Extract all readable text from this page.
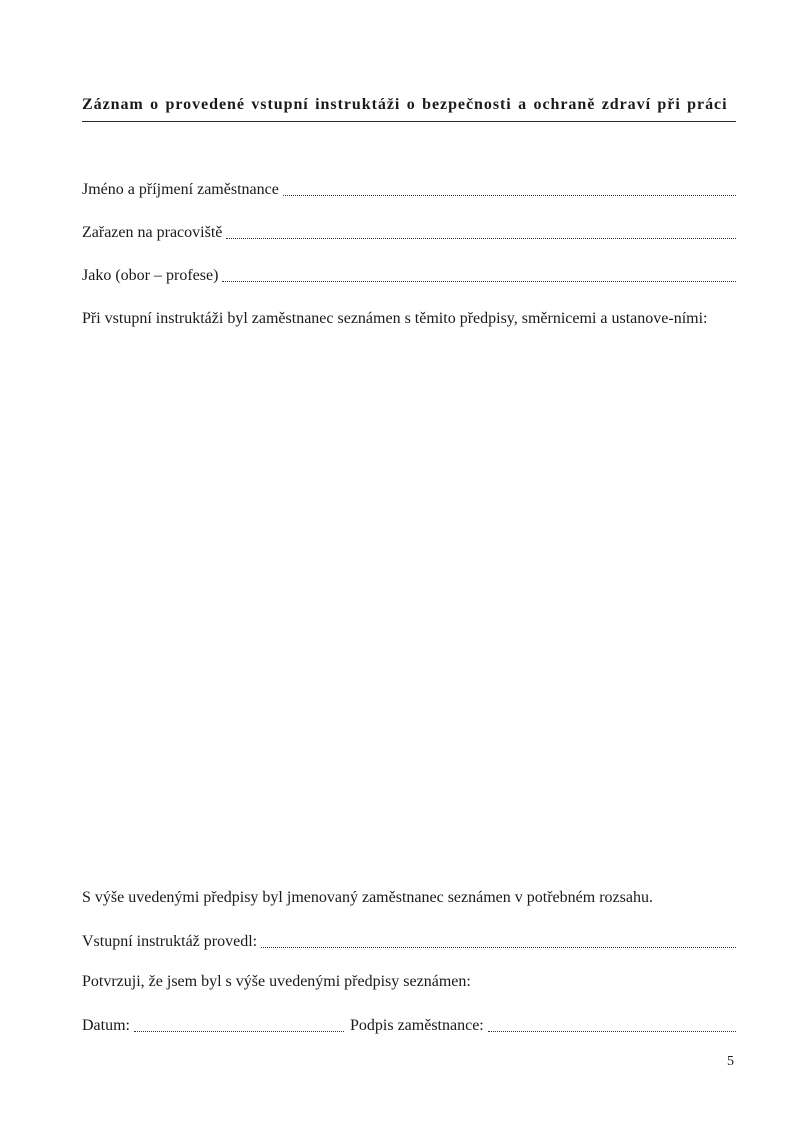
Záznam o provedené vstupní instruktáži o bezpečnosti a ochraně zdraví při práci
Jméno a příjmení zaměstnance
Zařazen na pracoviště
Jako (obor – profese)
Při vstupní instruktáži byl zaměstnanec seznámen s těmito předpisy, směrnicemi a ustanove-ními:
S výše uvedenými předpisy byl jmenovaný zaměstnanec seznámen v potřebném rozsahu.
Vstupní instruktáž provedl:
Potvrzuji, že jsem byl s výše uvedenými předpisy seznámen:
Datum:	Podpis zaměstnance:
5
